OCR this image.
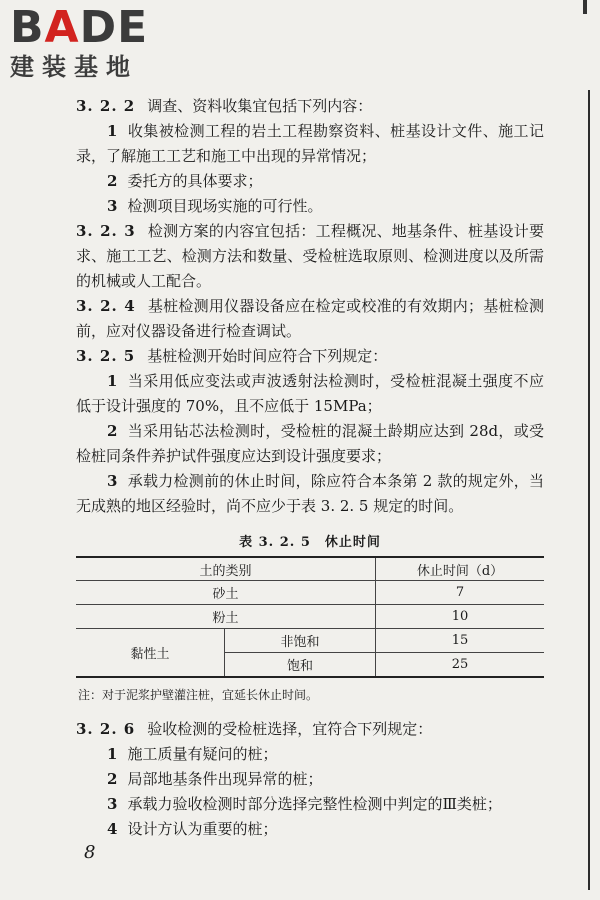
BADE
建装基地

3. 2. 2 调查、资料收集宜包括下列内容：

1 收集被检测工程的岩土工程勘察资料、桩基设计文件、施工记录，了解施工工艺和施工中出现的异常情况；

2 委托方的具体要求；

3 检测项目现场实施的可行性。

3. 2. 3 检测方案的内容宜包括：工程概况、地基条件、桩基设计要求、施工工艺、检测方法和数量、受检桩选取原则、检测进度以及所需的机械或人工配合。

3. 2. 4 基桩检测用仪器设备应在检定或校准的有效期内；基桩检测前，应对仪器设备进行检查调试。

3. 2. 5 基桩检测开始时间应符合下列规定：

1 当采用低应变法或声波透射法检测时，受检桩混凝土强度不应低于设计强度的 70%，且不应低于 15MPa；

2 当采用钻芯法检测时，受检桩的混凝土龄期应达到 28d，或受检桩同条件养护试件强度应达到设计强度要求；

3 承载力检测前的休止时间，除应符合本条第 2 款的规定外，当无成熟的地区经验时，尚不应少于表 3. 2. 5 规定的时间。

表 3. 2. 5　休止时间
土的类别		休止时间（d）
砂土		7
粉土		10
黏性土	非饱和	15
	饱和	25
注：对于泥浆护壁灌注桩，宜延长休止时间。

3. 2. 6 验收检测的受检桩选择，宜符合下列规定：

1 施工质量有疑问的桩；

2 局部地基条件出现异常的桩；

3 承载力验收检测时部分选择完整性检测中判定的Ⅲ类桩；

4 设计方认为重要的桩；

8
